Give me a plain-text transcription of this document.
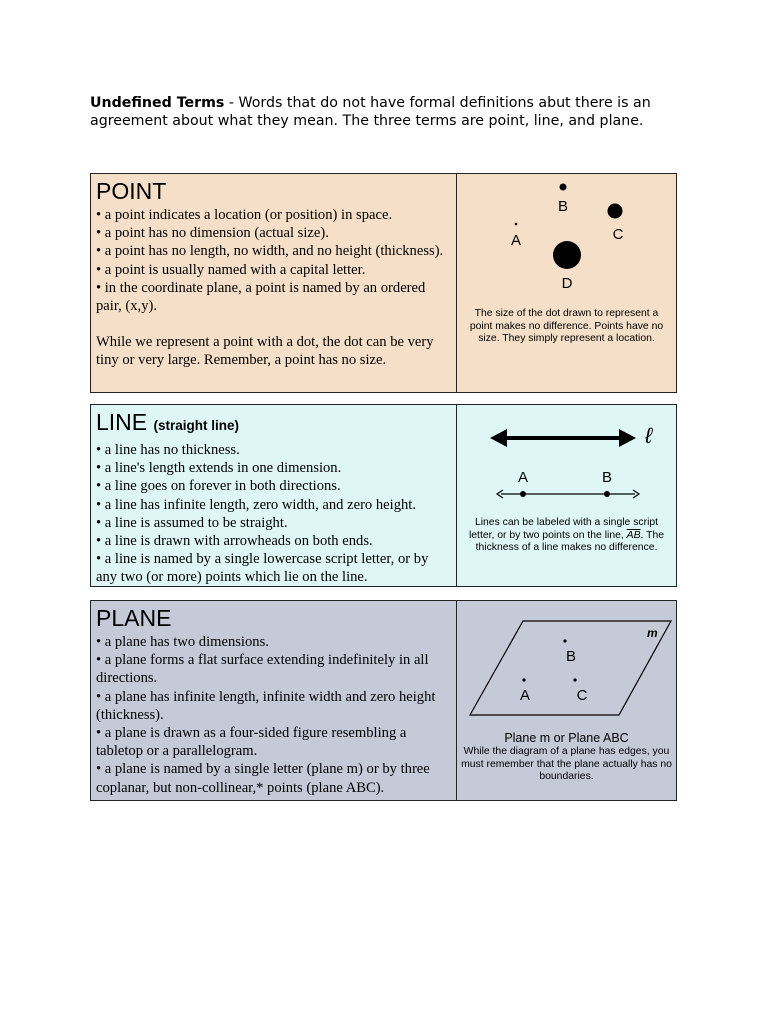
Undefined Terms - Words that do not have formal definitions abut there is an agreement about what they mean. The three terms are point, line, and plane.
POINT
• a point indicates a location (or position) in space.
• a point has no dimension (actual size).
• a point has no length, no width, and no height (thickness).
• a point is usually named with a capital letter.
• in the coordinate plane, a point is named by an ordered pair, (x,y).
While we represent a point with a dot, the dot can be very tiny or very large. Remember, a point has no size.
B
C
A
D
The size of the dot drawn to represent a point makes no difference. Points have no size. They simply represent a location.
LINE (straight line)
• a line has no thickness.
• a line's length extends in one dimension.
• a line goes on forever in both directions.
• a line has infinite length, zero width, and zero height.
• a line is assumed to be straight.
• a line is drawn with arrowheads on both ends.
• a line is named by a single lowercase script letter, or by any two (or more) points which lie on the line.
ℓ
A	B
Lines can be labeled with a single script letter, or by two points on the line, $\overline{AB}$. The thickness of a line makes no difference.
PLANE
• a plane has two dimensions.
• a plane forms a flat surface extending indefinitely in all directions.
• a plane has infinite length, infinite width and zero height (thickness).
• a plane is drawn as a four-sided figure resembling a tabletop or a parallelogram.
• a plane is named by a single letter (plane m) or by three coplanar, but non-collinear,* points (plane ABC).
m
B
A	C
Plane m or Plane ABC
While the diagram of a plane has edges, you must remember that the plane actually has no boundaries.
